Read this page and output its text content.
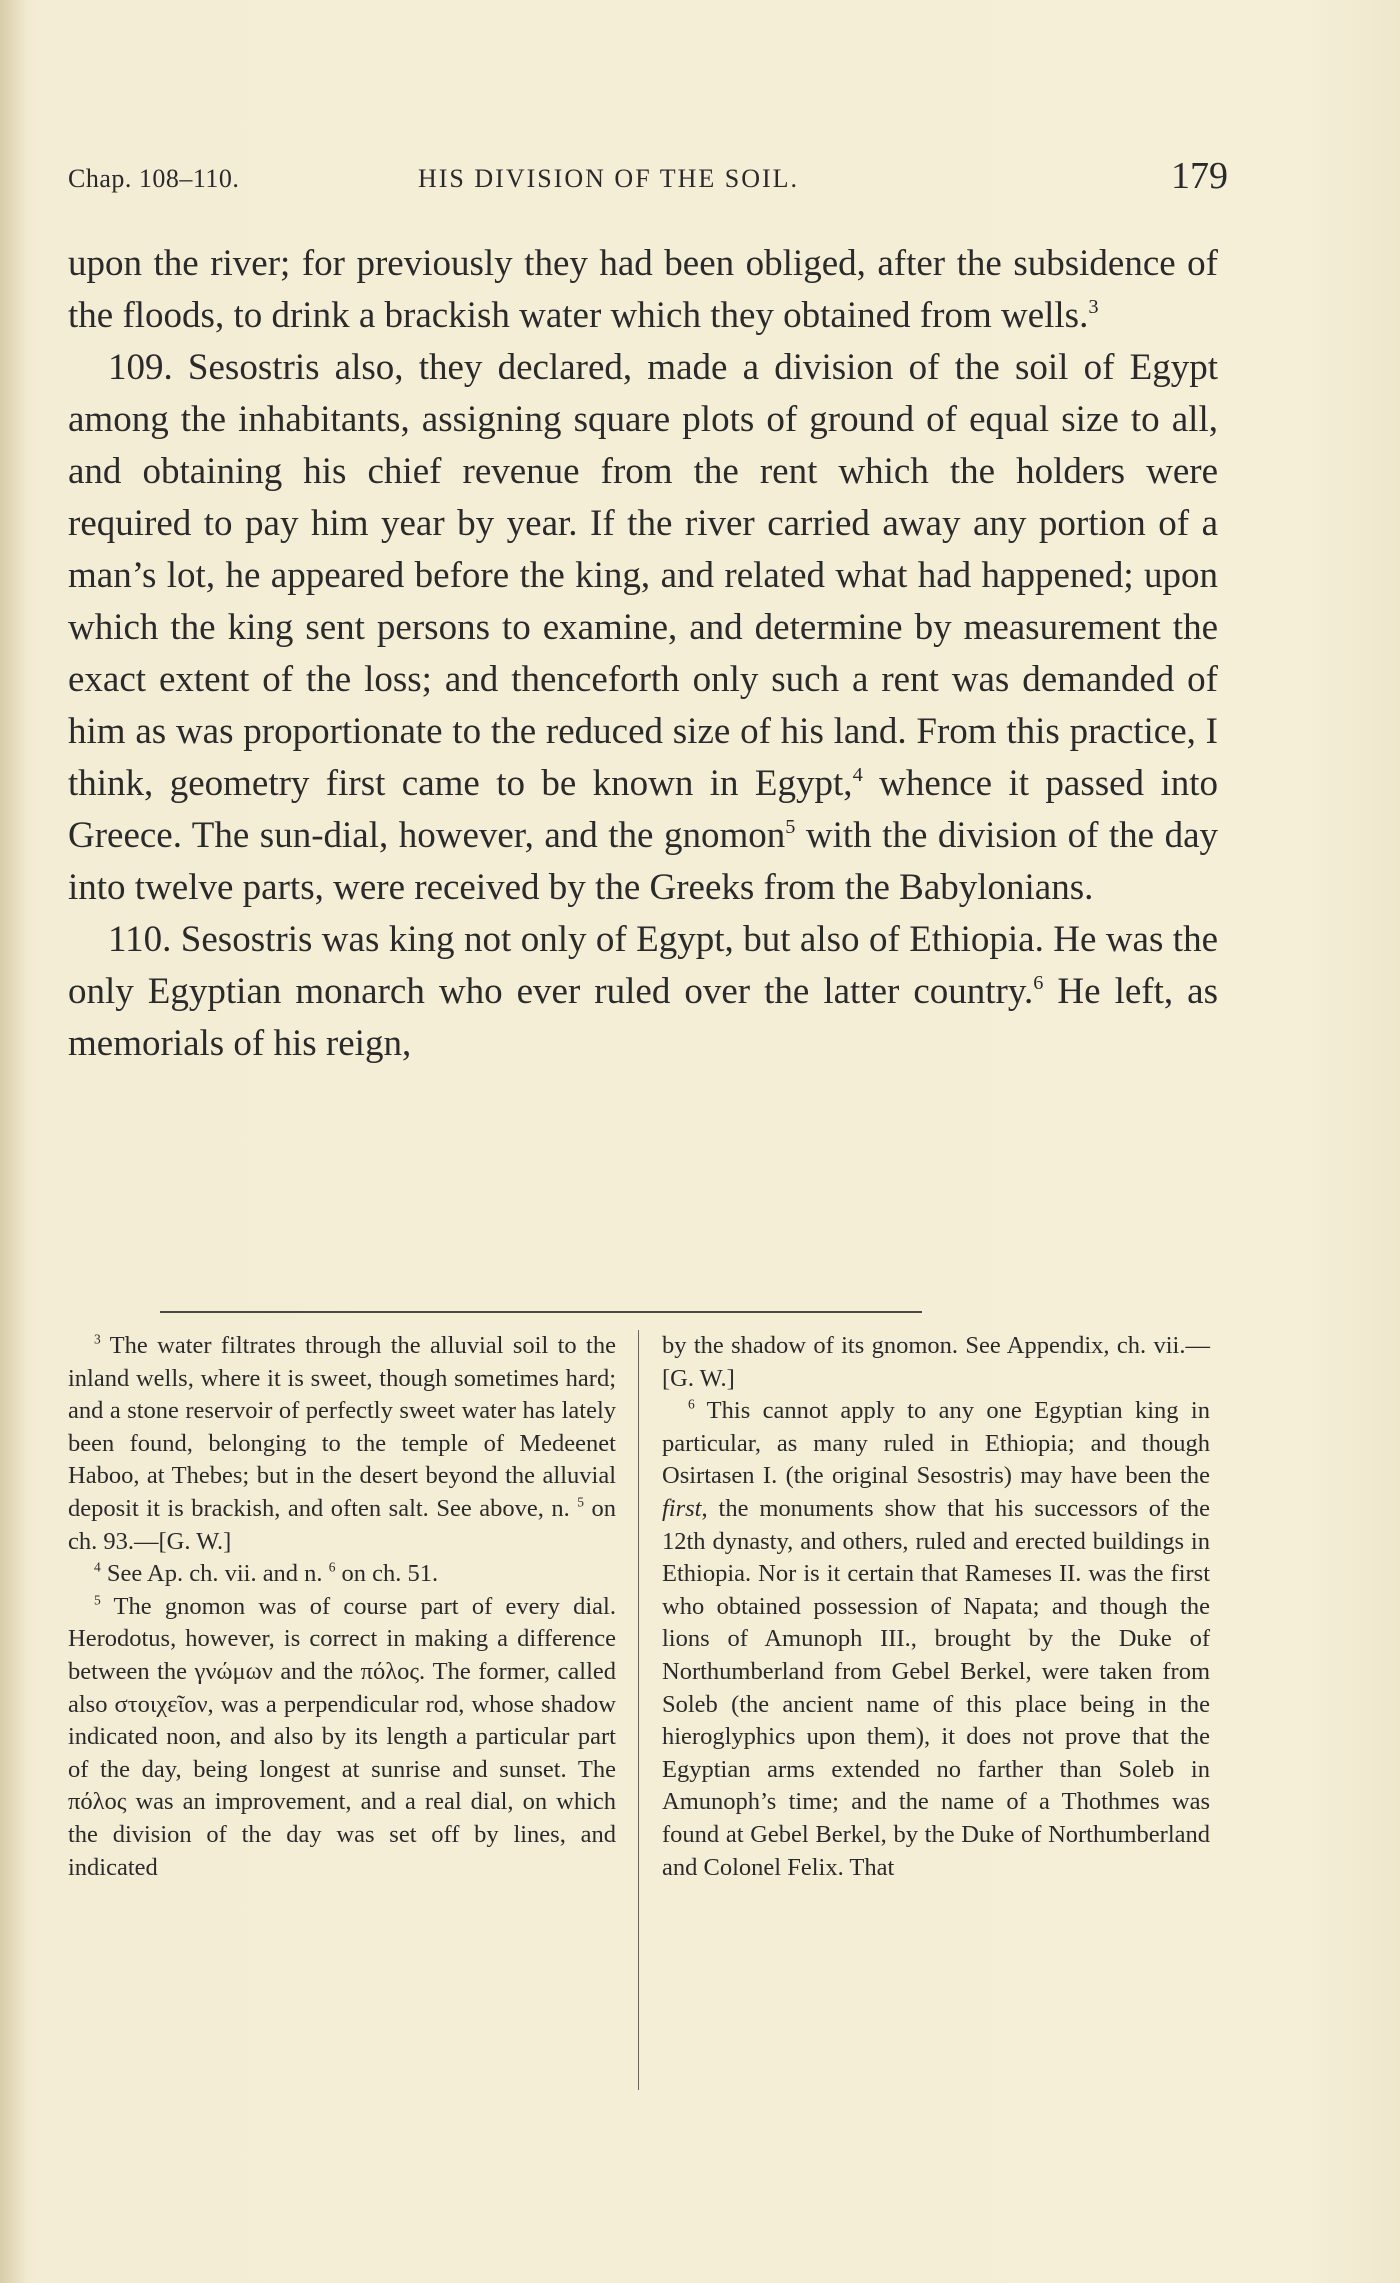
Chap. 108–110.	HIS DIVISION OF THE SOIL.	179

upon the river; for previously they had been obliged, after the subsidence of the floods, to drink a brackish water which they obtained from wells.$^3$

109. Sesostris also, they declared, made a division of the soil of Egypt among the inhabitants, assigning square plots of ground of equal size to all, and obtaining his chief revenue from the rent which the holders were required to pay him year by year. If the river carried away any portion of a man’s lot, he appeared before the king, and related what had happened; upon which the king sent persons to examine, and determine by measurement the exact extent of the loss; and thenceforth only such a rent was demanded of him as was proportionate to the reduced size of his land. From this practice, I think, geometry first came to be known in Egypt,$^4$ whence it passed into Greece. The sun-dial, however, and the gnomon$^5$ with the division of the day into twelve parts, were received by the Greeks from the Babylonians.

110. Sesostris was king not only of Egypt, but also of Ethiopia. He was the only Egyptian monarch who ever ruled over the latter country.$^6$ He left, as memorials of his reign,

$^3$ The water filtrates through the alluvial soil to the inland wells, where it is sweet, though sometimes hard; and a stone reservoir of perfectly sweet water has lately been found, belonging to the temple of Medeenet Haboo, at Thebes; but in the desert beyond the alluvial deposit it is brackish, and often salt. See above, n. $^5$ on ch. 93.—[G. W.]

$^4$ See Ap. ch. vii. and n. $^6$ on ch. 51.

$^5$ The gnomon was of course part of every dial. Herodotus, however, is correct in making a difference between the γνώμων and the πόλος. The former, called also στοιχεῖον, was a perpendicular rod, whose shadow indicated noon, and also by its length a particular part of the day, being longest at sunrise and sunset. The πόλος was an improvement, and a real dial, on which the division of the day was set off by lines, and indicated

by the shadow of its gnomon. See Appendix, ch. vii.—[G. W.]

$^6$ This cannot apply to any one Egyptian king in particular, as many ruled in Ethiopia; and though Osirtasen I. (the original Sesostris) may have been the first, the monuments show that his successors of the 12th dynasty, and others, ruled and erected buildings in Ethiopia. Nor is it certain that Rameses II. was the first who obtained possession of Napata; and though the lions of Amunoph III., brought by the Duke of Northumberland from Gebel Berkel, were taken from Soleb (the ancient name of this place being in the hieroglyphics upon them), it does not prove that the Egyptian arms extended no farther than Soleb in Amunoph’s time; and the name of a Thothmes was found at Gebel Berkel, by the Duke of Northumberland and Colonel Felix. That
